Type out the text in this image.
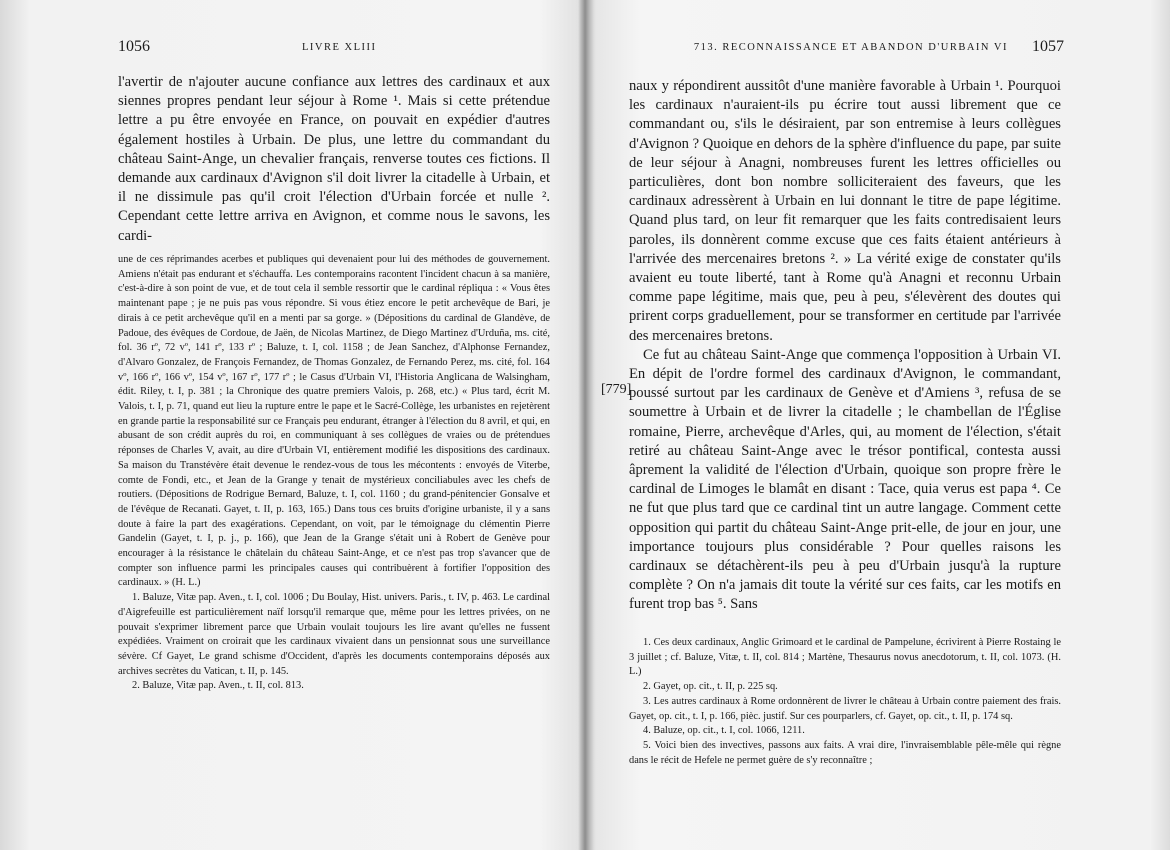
1056	LIVRE XLIII

l'avertir de n'ajouter aucune confiance aux lettres des cardinaux et aux siennes propres pendant leur séjour à Rome ¹. Mais si cette prétendue lettre a pu être envoyée en France, on pouvait en expédier d'autres également hostiles à Urbain. De plus, une lettre du commandant du château Saint-Ange, un chevalier français, renverse toutes ces fictions. Il demande aux cardinaux d'Avignon s'il doit livrer la citadelle à Urbain, et il ne dissimule pas qu'il croit l'élection d'Urbain forcée et nulle ². Cependant cette lettre arriva en Avignon, et comme nous le savons, les cardi-

une de ces réprimandes acerbes et publiques qui devenaient pour lui des méthodes de gouvernement. Amiens n'était pas endurant et s'échauffa. Les contemporains racontent l'incident chacun à sa manière, c'est-à-dire à son point de vue, et de tout cela il semble ressortir que le cardinal répliqua : « Vous êtes maintenant pape ; je ne puis pas vous répondre. Si vous étiez encore le petit archevêque de Bari, je dirais à ce petit archevêque qu'il en a menti par sa gorge. » (Dépositions du cardinal de Glandève, de Padoue, des évêques de Cordoue, de Jaën, de Nicolas Martinez, de Diego Martinez d'Urduña, ms. cité, fol. 36 rº, 72 vº, 141 rº, 133 rº ; Baluze, t. I, col. 1158 ; de Jean Sanchez, d'Alphonse Fernandez, d'Alvaro Gonzalez, de François Fernandez, de Thomas Gonzalez, de Fernando Perez, ms. cité, fol. 164 vº, 166 rº, 166 vº, 154 vº, 167 rº, 177 rº ; le Casus d'Urbain VI, l'Historia Anglicana de Walsingham, édit. Riley, t. I, p. 381 ; la Chronique des quatre premiers Valois, p. 268, etc.) « Plus tard, écrit M. Valois, t. I, p. 71, quand eut lieu la rupture entre le pape et le Sacré-Collège, les urbanistes en rejetèrent en grande partie la responsabilité sur ce Français peu endurant, étranger à l'élection du 8 avril, et qui, en abusant de son crédit auprès du roi, en communiquant à ses collègues de vraies ou de prétendues réponses de Charles V, avait, au dire d'Urbain VI, entièrement modifié les dispositions des cardinaux. Sa maison du Transtévère était devenue le rendez-vous de tous les mécontents : envoyés de Viterbe, comte de Fondi, etc., et Jean de la Grange y tenait de mystérieux conciliabules avec les chefs de routiers. (Dépositions de Rodrigue Bernard, Baluze, t. I, col. 1160 ; du grand-pénitencier Gonsalve et de l'évêque de Recanati. Gayet, t. II, p. 163, 165.) Dans tous ces bruits d'origine urbaniste, il y a sans doute à faire la part des exagérations. Cependant, on voit, par le témoignage du clémentin Pierre Gandelin (Gayet, t. I, p. j., p. 166), que Jean de la Grange s'était uni à Robert de Genève pour encourager à la résistance le châtelain du château Saint-Ange, et ce n'est pas trop s'avancer que de compter son influence parmi les principales causes qui contribuèrent à fortifier l'opposition des cardinaux. » (H. L.)

1. Baluze, Vitæ pap. Aven., t. I, col. 1006 ; Du Boulay, Hist. univers. Paris., t. IV, p. 463. Le cardinal d'Aigrefeuille est particulièrement naïf lorsqu'il remarque que, même pour les lettres privées, on ne pouvait s'exprimer librement parce que Urbain voulait toujours les lire avant qu'elles ne fussent expédiées. Vraiment on croirait que les cardinaux vivaient dans un pensionnat sous une surveillance sévère. Cf Gayet, Le grand schisme d'Occident, d'après les documents contemporains déposés aux archives secrètes du Vatican, t. II, p. 145.

2. Baluze, Vitæ pap. Aven., t. II, col. 813.

713. RECONNAISSANCE ET ABANDON D'URBAIN VI 1057
[779]

naux y répondirent aussitôt d'une manière favorable à Urbain ¹. Pourquoi les cardinaux n'auraient-ils pu écrire tout aussi librement que ce commandant ou, s'ils le désiraient, par son entremise à leurs collègues d'Avignon ? Quoique en dehors de la sphère d'influence du pape, par suite de leur séjour à Anagni, nombreuses furent les lettres officielles ou particulières, dont bon nombre solliciteraient des faveurs, que les cardinaux adressèrent à Urbain en lui donnant le titre de pape légitime. Quand plus tard, on leur fit remarquer que les faits contredisaient leurs paroles, ils donnèrent comme excuse que ces faits étaient antérieurs à l'arrivée des mercenaires bretons ². » La vérité exige de constater qu'ils avaient eu toute liberté, tant à Rome qu'à Anagni et reconnu Urbain comme pape légitime, mais que, peu à peu, s'élevèrent des doutes qui prirent corps graduellement, pour se transformer en certitude par l'arrivée des mercenaires bretons.

Ce fut au château Saint-Ange que commença l'opposition à Urbain VI. En dépit de l'ordre formel des cardinaux d'Avignon, le commandant, poussé surtout par les cardinaux de Genève et d'Amiens ³, refusa de se soumettre à Urbain et de livrer la citadelle ; le chambellan de l'Église romaine, Pierre, archevêque d'Arles, qui, au moment de l'élection, s'était retiré au château Saint-Ange avec le trésor pontifical, contesta aussi âprement la validité de l'élection d'Urbain, quoique son propre frère le cardinal de Limoges le blamât en disant : Tace, quia verus est papa ⁴. Ce ne fut que plus tard que ce cardinal tint un autre langage. Comment cette opposition qui partit du château Saint-Ange prit-elle, de jour en jour, une importance toujours plus considérable ? Pour quelles raisons les cardinaux se détachèrent-ils peu à peu d'Urbain jusqu'à la rupture complète ? On n'a jamais dit toute la vérité sur ces faits, car les motifs en furent trop bas ⁵. Sans

1. Ces deux cardinaux, Anglic Grimoard et le cardinal de Pampelune, écrivirent à Pierre Rostaing le 3 juillet ; cf. Baluze, Vitæ, t. II, col. 814 ; Martène, Thesaurus novus anecdotorum, t. II, col. 1073. (H. L.)

2. Gayet, op. cit., t. II, p. 225 sq.

3. Les autres cardinaux à Rome ordonnèrent de livrer le château à Urbain contre paiement des frais. Gayet, op. cit., t. I, p. 166, pièc. justif. Sur ces pourparlers, cf. Gayet, op. cit., t. II, p. 174 sq.

4. Baluze, op. cit., t. I, col. 1066, 1211.

5. Voici bien des invectives, passons aux faits. A vrai dire, l'invraisemblable pêle-mêle qui règne dans le récit de Hefele ne permet guère de s'y reconnaître ;
